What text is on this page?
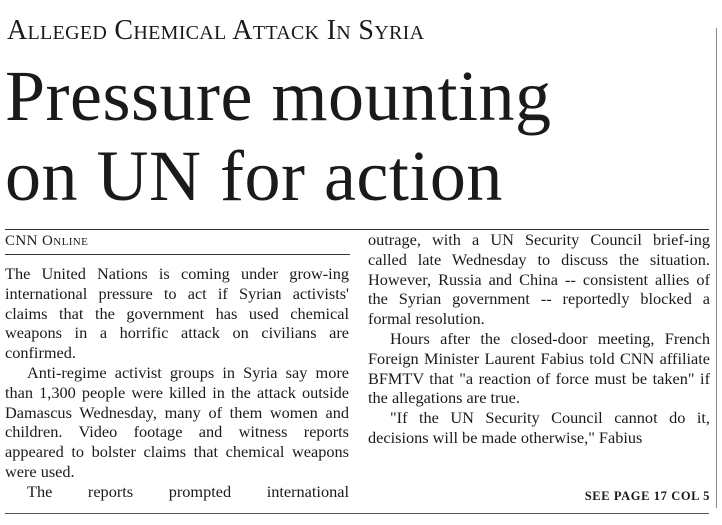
Alleged Chemical Attack In Syria
Pressure mounting
on UN for action
CNN Online

The United Nations is coming under grow-ing international pressure to act if Syrian activists' claims that the government has used chemical weapons in a horrific attack on civilians are confirmed.

Anti-regime activist groups in Syria say more than 1,300 people were killed in the attack outside Damascus Wednesday, many of them women and children. Video footage and witness reports appeared to bolster claims that chemical weapons were used.

The reports prompted international

outrage, with a UN Security Council brief-ing called late Wednesday to discuss the situation. However, Russia and China -- consistent allies of the Syrian government -- reportedly blocked a formal resolution.

Hours after the closed-door meeting, French Foreign Minister Laurent Fabius told CNN affiliate BFMTV that "a reaction of force must be taken" if the allegations are true.

"If the UN Security Council cannot do it, decisions will be made otherwise," Fabius

SEE PAGE 17 COL 5
